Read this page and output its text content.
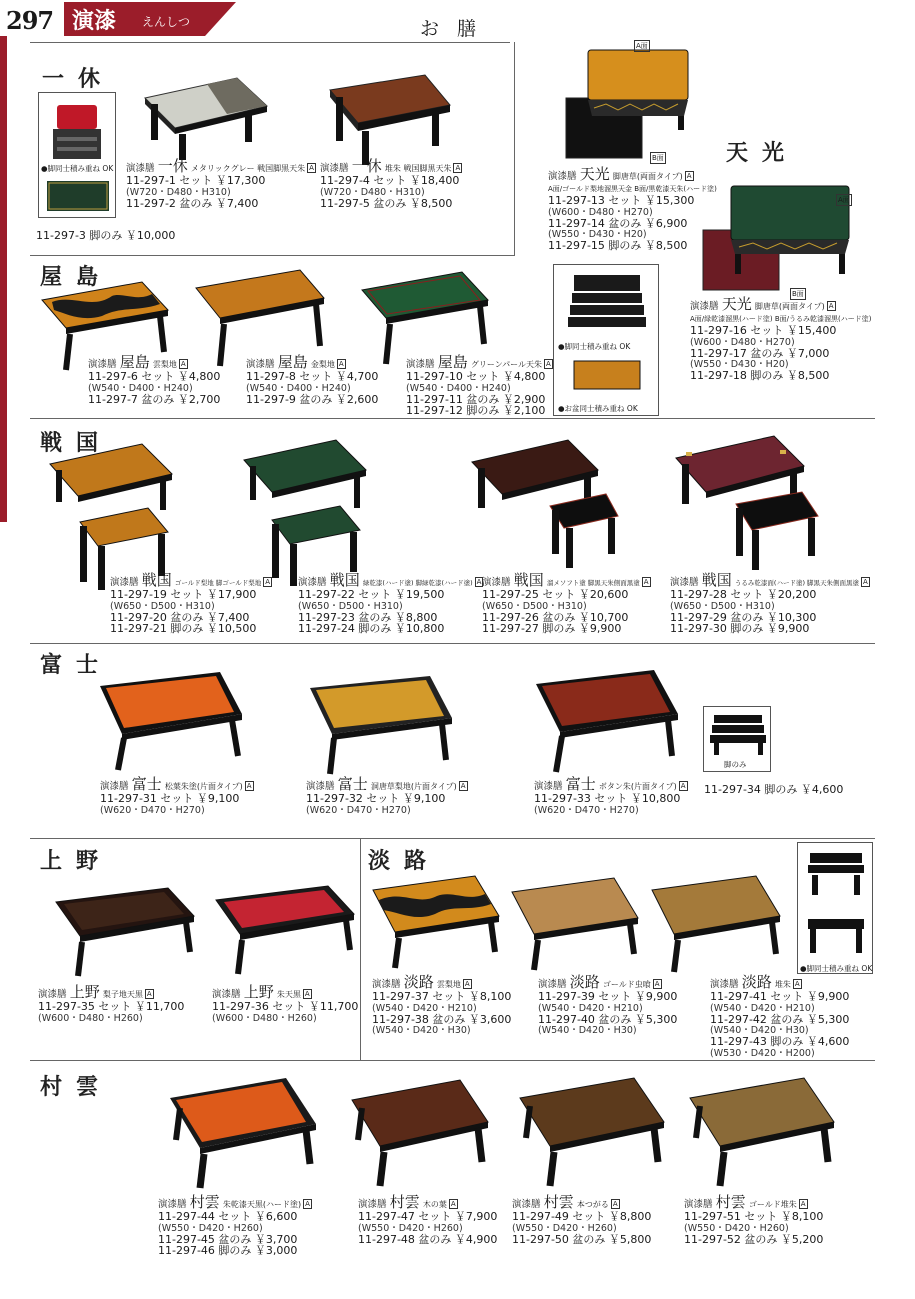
297 演漆 えんしつ	お 膳
一休
天光
屋島
戦国
富士
上野	淡路
村雲
●脚同士積み重ね OK
A面
B面
A面
B面
●脚同士積み重ね OK
●お盆同士積み重ね OK
脚のみ
●脚同士積み重ね OK
演漆膳 一休 メタリックグレー 戦国脚黒天朱 A
11-297-1 セット ￥17,300
(W720・D480・H310)
11-297-2 盆のみ ￥7,400
演漆膳 一休 堆朱 戦国脚黒天朱 A
11-297-4 セット ￥18,400
(W720・D480・H310)
11-297-5 盆のみ ￥8,500
11-297-3 脚のみ ￥10,000
演漆膳 天光 脚唐草(両面タイプ) A
A面/ゴールド梨地溜黒天金 B面/黒乾漆天朱(ハード塗)
11-297-13 セット ￥15,300
(W600・D480・H270)
11-297-14 盆のみ ￥6,900
(W550・D430・H20)
11-297-15 脚のみ ￥8,500
演漆膳 天光 脚唐草(両面タイプ) A
A面/緑乾漆溜黒(ハード塗) B面/うるみ乾漆溜黒(ハード塗)
11-297-16 セット ￥15,400
(W600・D480・H270)
11-297-17 盆のみ ￥7,000
(W550・D430・H20)
11-297-18 脚のみ ￥8,500
演漆膳 屋島 雲梨地 A
11-297-6 セット ￥4,800
(W540・D400・H240)
11-297-7 盆のみ ￥2,700
演漆膳 屋島 金梨地 A
11-297-8 セット ￥4,700
(W540・D400・H240)
11-297-9 盆のみ ￥2,600
演漆膳 屋島 グリーンパール天朱 A
11-297-10 セット ￥4,800
(W540・D400・H240)
11-297-11 盆のみ ￥2,900
11-297-12 脚のみ ￥2,100
演漆膳 戦国 ゴールド梨地 脚ゴールド梨地 A
11-297-19 セット ￥17,900
(W650・D500・H310)
11-297-20 盆のみ ￥7,400
11-297-21 脚のみ ￥10,500
演漆膳 戦国 緑乾漆(ハード塗) 脚緑乾漆(ハード塗) A
11-297-22 セット ￥19,500
(W650・D500・H310)
11-297-23 盆のみ ￥8,800
11-297-24 脚のみ ￥10,800
演漆膳 戦国 溜メソフト塗 脚黒天朱側面黒塗 A
11-297-25 セット ￥20,600
(W650・D500・H310)
11-297-26 盆のみ ￥10,700
11-297-27 脚のみ ￥9,900
演漆膳 戦国 うるみ乾漆面(ハード塗) 脚黒天朱側面黒塗 A
11-297-28 セット ￥20,200
(W650・D500・H310)
11-297-29 盆のみ ￥10,300
11-297-30 脚のみ ￥9,900
演漆膳 富士 松葉朱塗(片面タイプ) A
11-297-31 セット ￥9,100
(W620・D470・H270)
演漆膳 富士 洞唐草梨地(片面タイプ) A
11-297-32 セット ￥9,100
(W620・D470・H270)
演漆膳 富士 ボタン朱(片面タイプ) A
11-297-33 セット ￥10,800
(W620・D470・H270)
11-297-34 脚のみ ￥4,600
演漆膳 上野 梨子地天黒 A
11-297-35 セット ￥11,700
(W600・D480・H260)
演漆膳 上野 朱天黒 A
11-297-36 セット ￥11,700
(W600・D480・H260)
演漆膳 淡路 雲梨地 A
11-297-37 セット ￥8,100
(W540・D420・H210)
11-297-38 盆のみ ￥3,600
(W540・D420・H30)
演漆膳 淡路 ゴールド虫喰 A
11-297-39 セット ￥9,900
(W540・D420・H210)
11-297-40 盆のみ ￥5,300
(W540・D420・H30)
演漆膳 淡路 堆朱 A
11-297-41 セット ￥9,900
(W540・D420・H210)
11-297-42 盆のみ ￥5,300
(W540・D420・H30)
11-297-43 脚のみ ￥4,600
(W530・D420・H200)
演漆膳 村雲 朱乾漆天黒(ハード塗) A
11-297-44 セット ￥6,600
(W550・D420・H260)
11-297-45 盆のみ ￥3,700
11-297-46 脚のみ ￥3,000
演漆膳 村雲 木の葉 A
11-297-47 セット ￥7,900
(W550・D420・H260)
11-297-48 盆のみ ￥4,900
演漆膳 村雲 本つがる A
11-297-49 セット ￥8,800
(W550・D420・H260)
11-297-50 盆のみ ￥5,800
演漆膳 村雲 ゴールド堆朱 A
11-297-51 セット ￥8,100
(W550・D420・H260)
11-297-52 盆のみ ￥5,200
